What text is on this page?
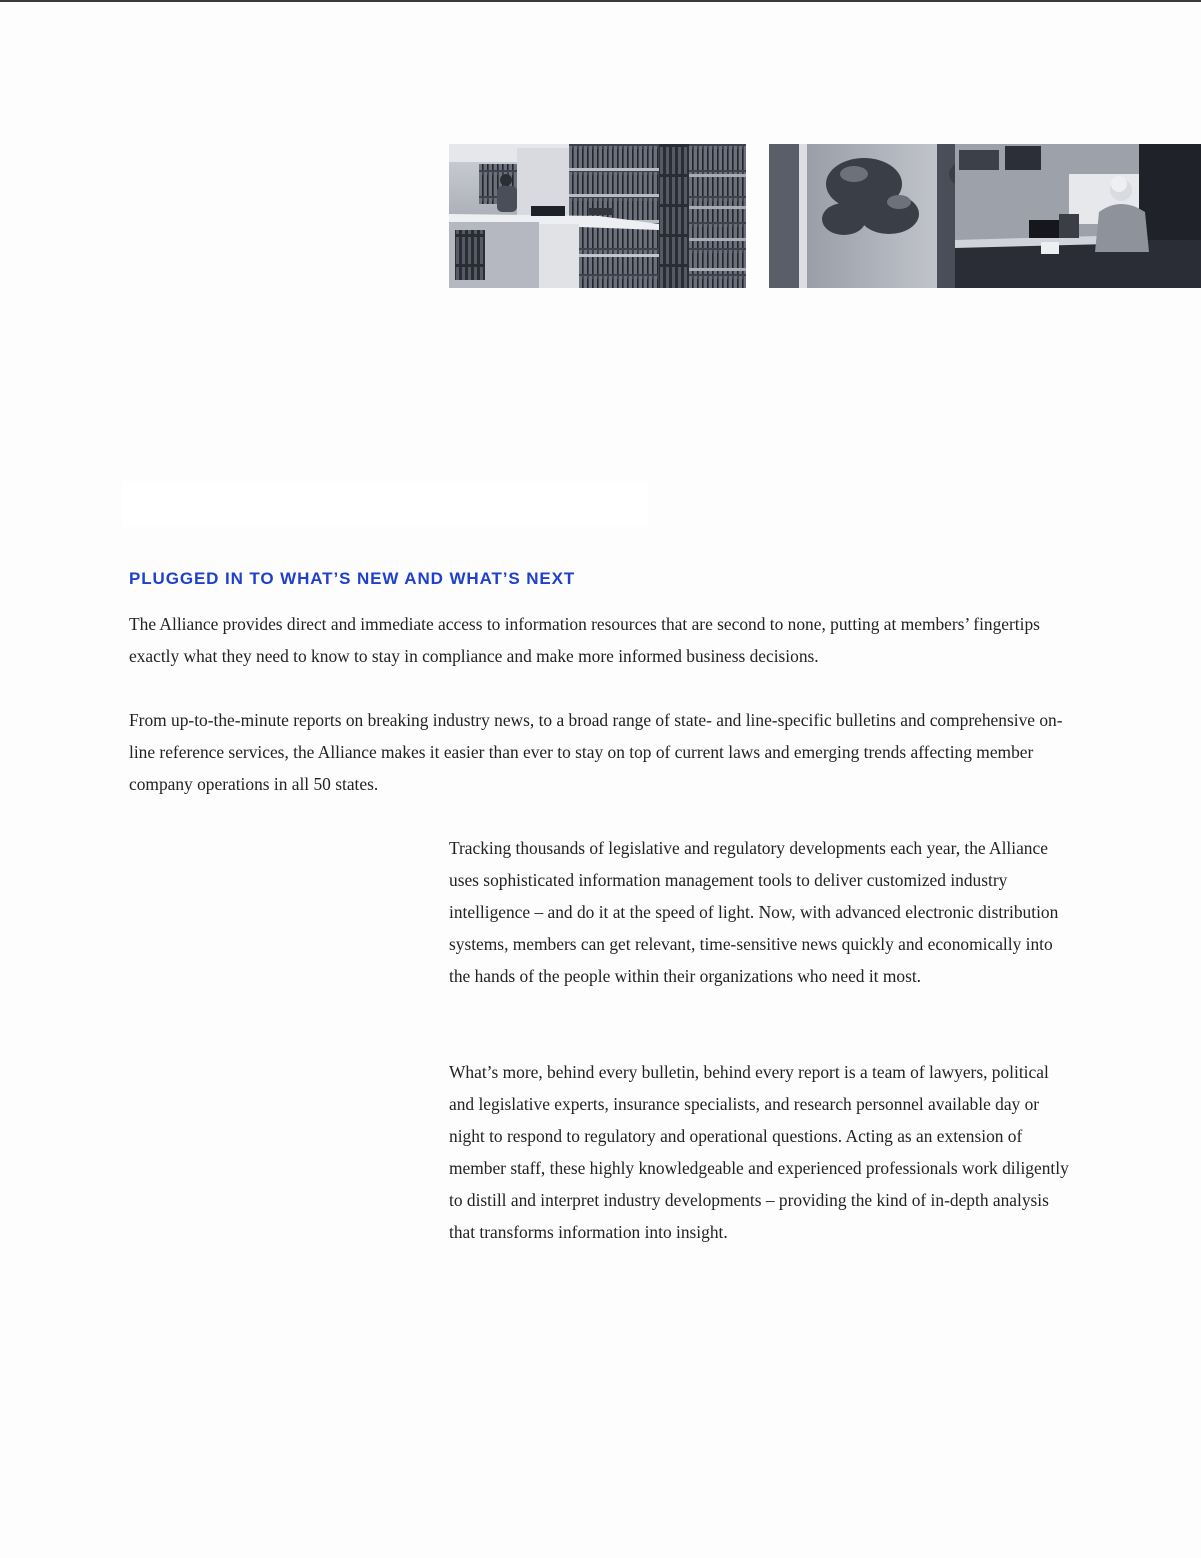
PLUGGED IN TO WHAT’S NEW AND WHAT’S NEXT

The Alliance provides direct and immediate access to information resources that are second to none, putting at members’ fingertips exactly what they need to know to stay in compliance and make more informed business decisions.

From up-to-the-minute reports on breaking industry news, to a broad range of state- and line-specific bulletins and comprehensive on-line reference services, the Alliance makes it easier than ever to stay on top of current laws and emerging trends affecting member company operations in all 50 states.

Tracking thousands of legislative and regulatory developments each year, the Alliance uses sophisticated information management tools to deliver customized industry intelligence – and do it at the speed of light. Now, with advanced electronic distribution systems, members can get relevant, time-sensitive news quickly and economically into the hands of the people within their organizations who need it most.

What’s more, behind every bulletin, behind every report is a team of lawyers, political and legislative experts, insurance specialists, and research personnel available day or night to respond to regulatory and operational questions. Acting as an extension of member staff, these highly knowledgeable and experienced professionals work diligently to distill and interpret industry developments – providing the kind of in-depth analysis that transforms information into insight.
